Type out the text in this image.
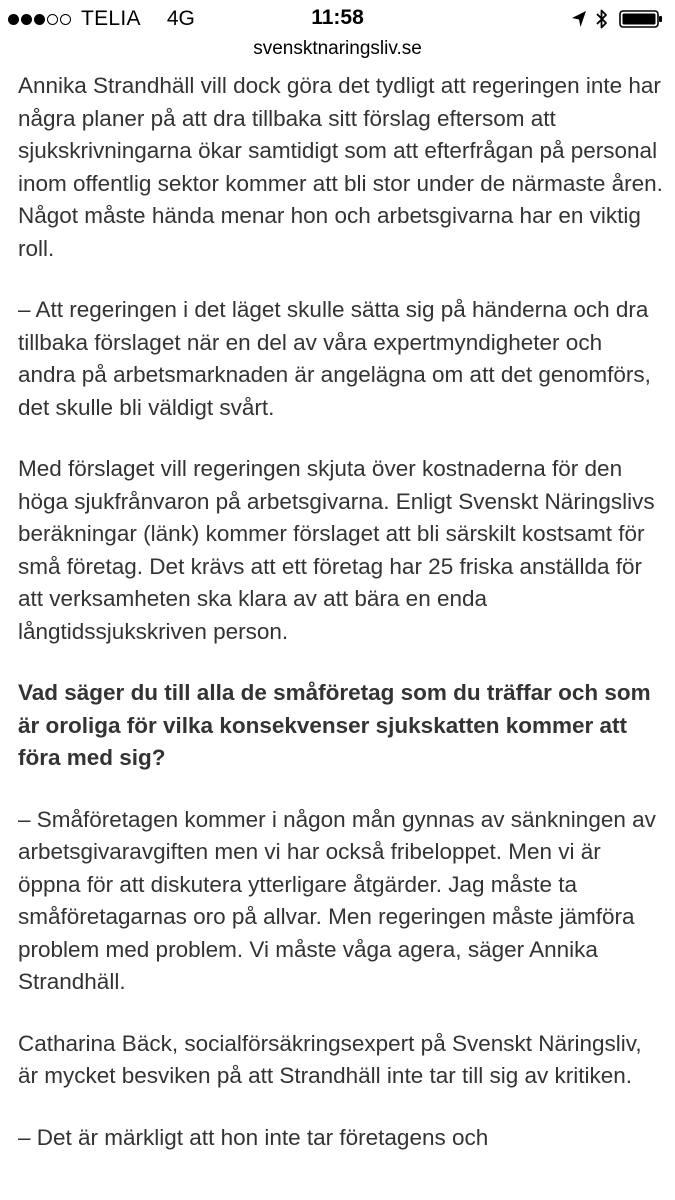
TELIA 4G	11:58
svensktnaringsliv.se

Annika Strandhäll vill dock göra det tydligt att regeringen inte har några planer på att dra tillbaka sitt förslag eftersom att sjukskrivningarna ökar samtidigt som att efterfrågan på personal inom offentlig sektor kommer att bli stor under de närmaste åren. Något måste hända menar hon och arbetsgivarna har en viktig roll.

– Att regeringen i det läget skulle sätta sig på händerna och dra tillbaka förslaget när en del av våra expertmyndigheter och andra på arbetsmarknaden är angelägna om att det genomförs, det skulle bli väldigt svårt.

Med förslaget vill regeringen skjuta över kostnaderna för den höga sjukfrånvaron på arbetsgivarna. Enligt Svenskt Näringslivs beräkningar (länk) kommer förslaget att bli särskilt kostsamt för små företag. Det krävs att ett företag har 25 friska anställda för att verksamheten ska klara av att bära en enda långtidssjukskriven person.

Vad säger du till alla de småföretag som du träffar och som är oroliga för vilka konsekvenser sjukskatten kommer att föra med sig?

– Småföretagen kommer i någon mån gynnas av sänkningen av arbetsgivaravgiften men vi har också fribeloppet. Men vi är öppna för att diskutera ytterligare åtgärder. Jag måste ta småföretagarnas oro på allvar. Men regeringen måste jämföra problem med problem. Vi måste våga agera, säger Annika Strandhäll.

Catharina Bäck, socialförsäkringsexpert på Svenskt Näringsliv, är mycket besviken på att Strandhäll inte tar till sig av kritiken.

– Det är märkligt att hon inte tar företagens och
